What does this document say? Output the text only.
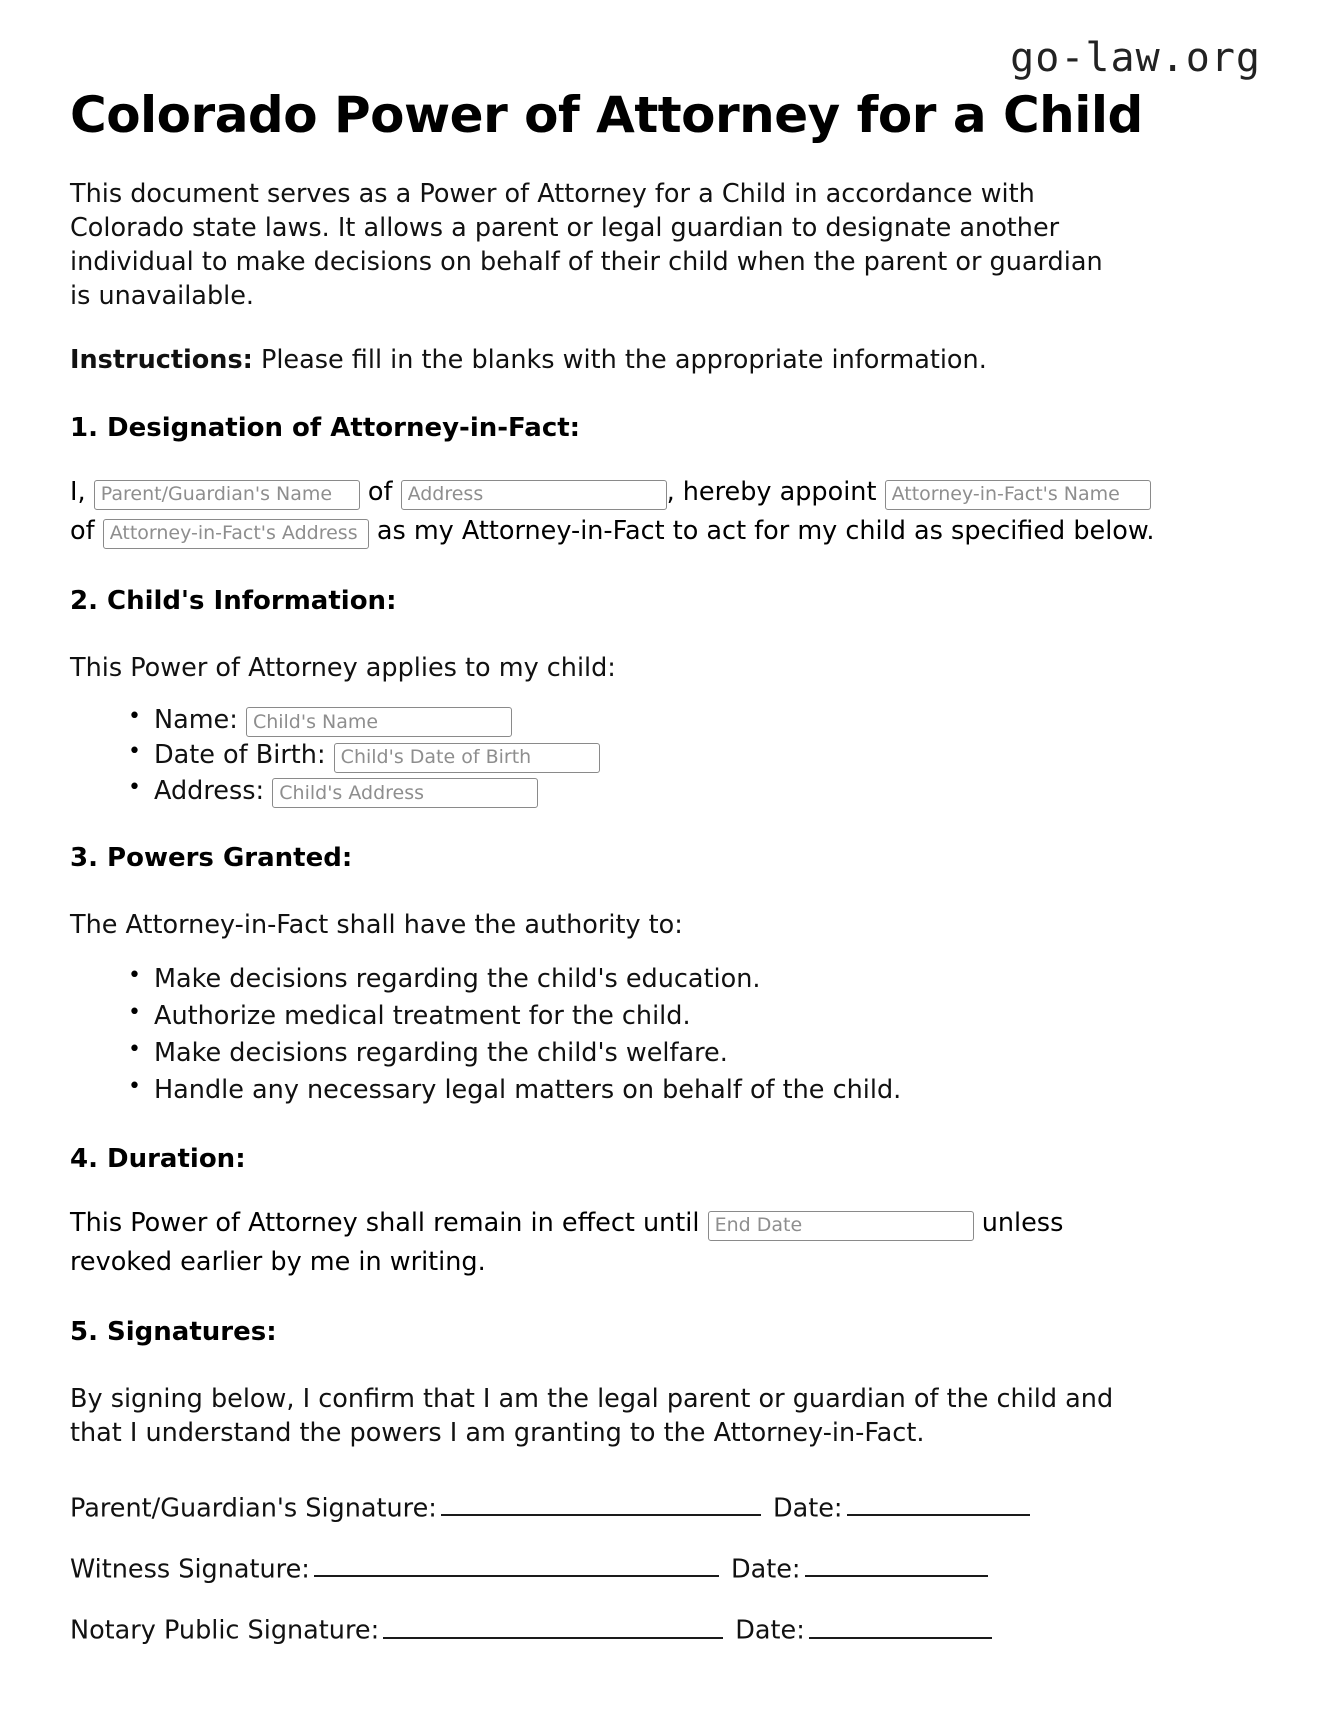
go-law.org
Colorado Power of Attorney for a Child

This document serves as a Power of Attorney for a Child in accordance with Colorado state laws. It allows a parent or legal guardian to designate another individual to make decisions on behalf of their child when the parent or guardian is unavailable.

Instructions: Please fill in the blanks with the appropriate information.

1. Designation of Attorney-in-Fact:
I, Parent/Guardian's Name	of Address	, hereby appoint Attorney-in-Fact's Name of Attorney-in-Fact's Address	as my Attorney-in-Fact to act for my child as specified below.
2. Child's Information:

This Power of Attorney applies to my child:

• Name: Child's Name
• Date of Birth: Child's Date of Birth
• Address: Child's Address
3. Powers Granted:

The Attorney-in-Fact shall have the authority to:

• Make decisions regarding the child's education.
• Authorize medical treatment for the child.
• Make decisions regarding the child's welfare.
• Handle any necessary legal matters on behalf of the child.
4. Duration:
This Power of Attorney shall remain in effect until End Date	unless revoked earlier by me in writing.
5. Signatures:

By signing below, I confirm that I am the legal parent or guardian of the child and that I understand the powers I am granting to the Attorney-in-Fact.

Parent/Guardian's Signature:	Date:
Witness Signature:	Date:
Notary Public Signature:	Date:
